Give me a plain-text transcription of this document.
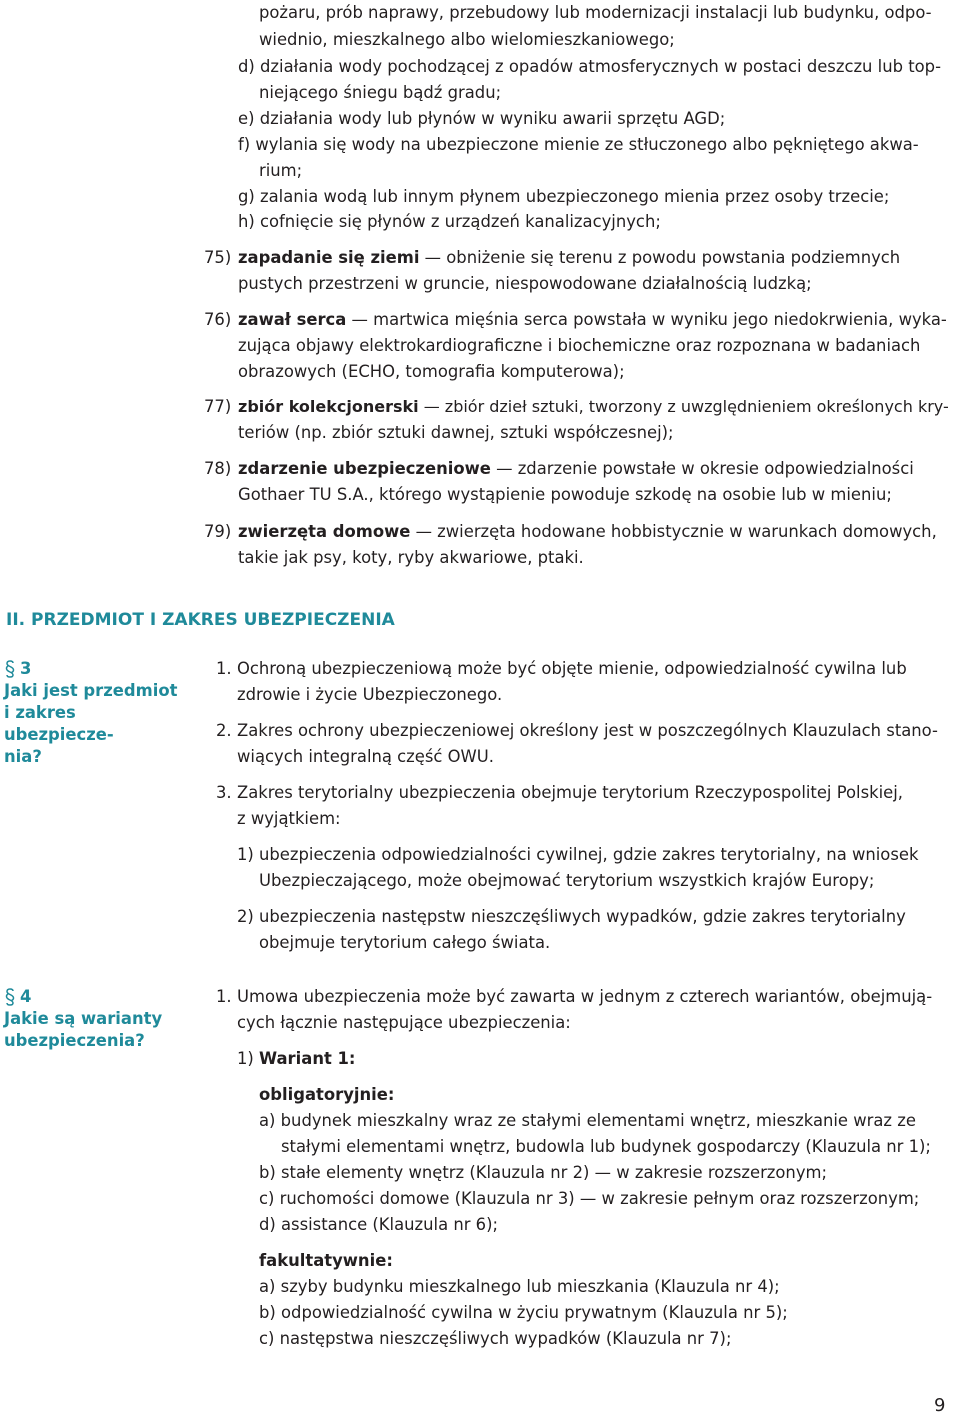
pożaru, prób naprawy, przebudowy lub modernizacji instalacji lub budynku, odpo-
wiednio, mieszkalnego albo wielomieszkaniowego;
d) działania wody pochodzącej z opadów atmosferycznych w postaci deszczu lub top-
niejącego śniegu bądź gradu;
e) działania wody lub płynów w wyniku awarii sprzętu AGD;
f) wylania się wody na ubezpieczone mienie ze stłuczonego albo pękniętego akwa-
rium;
g) zalania wodą lub innym płynem ubezpieczonego mienia przez osoby trzecie;
h) cofnięcie się płynów z urządzeń kanalizacyjnych;
75) zapadanie się ziemi — obniżenie się terenu z powodu powstania podziemnych
pustych przestrzeni w gruncie, niespowodowane działalnością ludzką;
76) zawał serca — martwica mięśnia serca powstała w wyniku jego niedokrwienia, wyka-
zująca objawy elektrokardiograficzne i biochemiczne oraz rozpoznana w badaniach
obrazowych (ECHO, tomografia komputerowa);
77) zbiór kolekcjonerski — zbiór dzieł sztuki, tworzony z uwzględnieniem określonych kry-
teriów (np. zbiór sztuki dawnej, sztuki współczesnej);
78) zdarzenie ubezpieczeniowe — zdarzenie powstałe w okresie odpowiedzialności
Gothaer TU S.A., którego wystąpienie powoduje szkodę na osobie lub w mieniu;
79) zwierzęta domowe — zwierzęta hodowane hobbistycznie w warunkach domowych,
takie jak psy, koty, ryby akwariowe, ptaki.
II. PRZEDMIOT I ZAKRES UBEZPIECZENIA
3
Jaki jest przedmiot
i zakres ubezpiecze-
nia?
1. Ochroną ubezpieczeniową może być objęte mienie, odpowiedzialność cywilna lub
zdrowie i życie Ubezpieczonego.
2. Zakres ochrony ubezpieczeniowej określony jest w poszczególnych Klauzulach stano-
wiących integralną część OWU.
3. Zakres terytorialny ubezpieczenia obejmuje terytorium Rzeczypospolitej Polskiej,
z wyjątkiem:
1) ubezpieczenia odpowiedzialności cywilnej, gdzie zakres terytorialny, na wniosek
Ubezpieczającego, może obejmować terytorium wszystkich krajów Europy;
2) ubezpieczenia następstw nieszczęśliwych wypadków, gdzie zakres terytorialny
obejmuje terytorium całego świata.
4
Jakie są warianty
ubezpieczenia?
1. Umowa ubezpieczenia może być zawarta w jednym z czterech wariantów, obejmują-
cych łącznie następujące ubezpieczenia:
1) Wariant 1:
obligatoryjnie:
a) budynek mieszkalny wraz ze stałymi elementami wnętrz, mieszkanie wraz ze
stałymi elementami wnętrz, budowla lub budynek gospodarczy (Klauzula nr 1);
b) stałe elementy wnętrz (Klauzula nr 2) — w zakresie rozszerzonym;
c) ruchomości domowe (Klauzula nr 3) — w zakresie pełnym oraz rozszerzonym;
d) assistance (Klauzula nr 6);
fakultatywnie:
a) szyby budynku mieszkalnego lub mieszkania (Klauzula nr 4);
b) odpowiedzialność cywilna w życiu prywatnym (Klauzula nr 5);
c) następstwa nieszczęśliwych wypadków (Klauzula nr 7);
9
